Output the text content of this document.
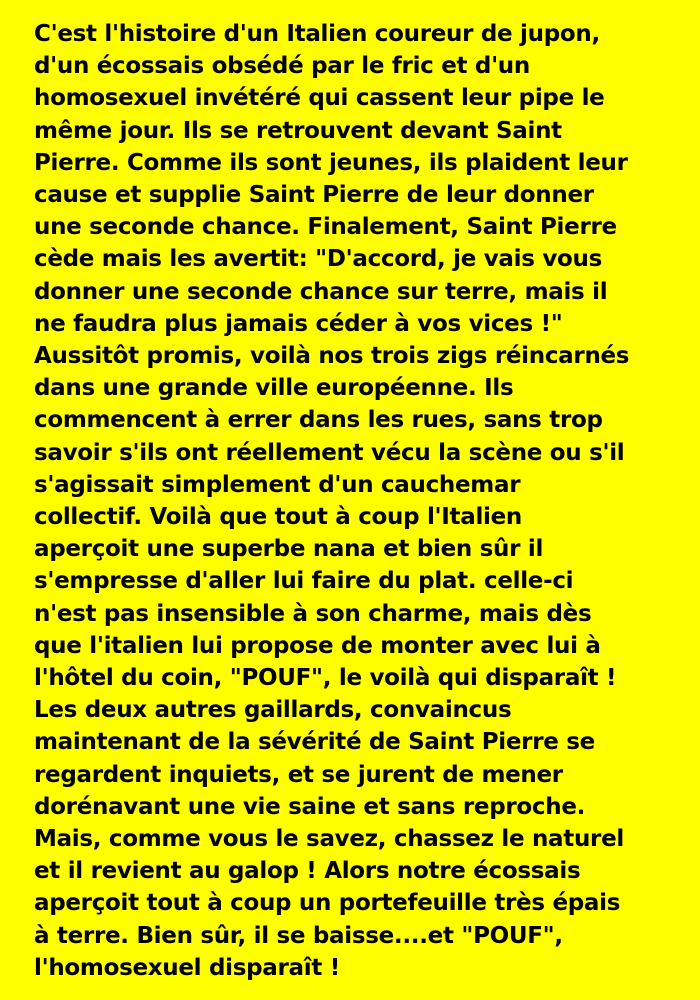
C'est l'histoire d'un Italien coureur de jupon,
d'un écossais obsédé par le fric et d'un
homosexuel invétéré qui cassent leur pipe le
même jour. Ils se retrouvent devant Saint
Pierre. Comme ils sont jeunes, ils plaident leur
cause et supplie Saint Pierre de leur donner
une seconde chance. Finalement, Saint Pierre
cède mais les avertit: "D'accord, je vais vous
donner une seconde chance sur terre, mais il
ne faudra plus jamais céder à vos vices !"
Aussitôt promis, voilà nos trois zigs réincarnés
dans une grande ville européenne. Ils
commencent à errer dans les rues, sans trop
savoir s'ils ont réellement vécu la scène ou s'il
s'agissait simplement d'un cauchemar
collectif. Voilà que tout à coup l'Italien
aperçoit une superbe nana et bien sûr il
s'empresse d'aller lui faire du plat. celle-ci
n'est pas insensible à son charme, mais dès
que l'italien lui propose de monter avec lui à
l'hôtel du coin, "POUF", le voilà qui disparaît !
Les deux autres gaillards, convaincus
maintenant de la sévérité de Saint Pierre se
regardent inquiets, et se jurent de mener
dorénavant une vie saine et sans reproche.
Mais, comme vous le savez, chassez le naturel
et il revient au galop ! Alors notre écossais
aperçoit tout à coup un portefeuille très épais
à terre. Bien sûr, il se baisse....et "POUF",
l'homosexuel disparaît !
